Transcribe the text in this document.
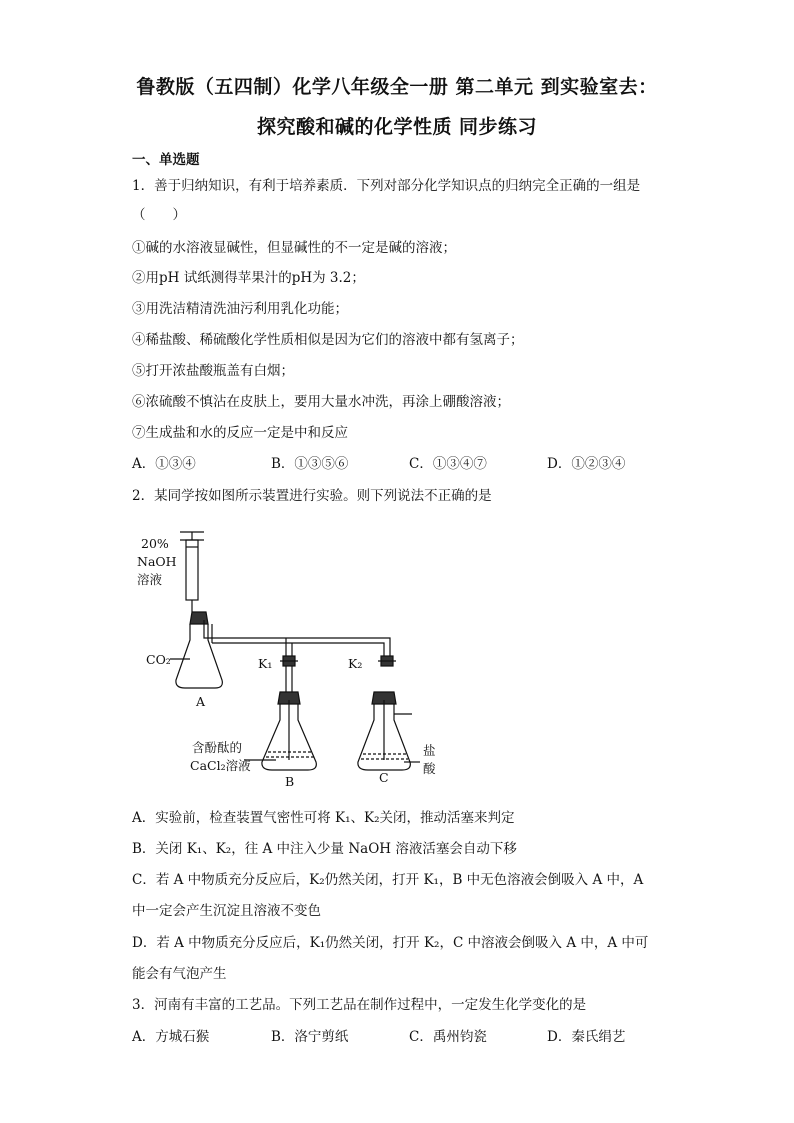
鲁教版（五四制）化学八年级全一册 第二单元 到实验室去：
探究酸和碱的化学性质 同步练习
一、单选题
1．善于归纳知识，有利于培养素质．下列对部分化学知识点的归纳完全正确的一组是
（　　）
①碱的水溶液显碱性，但显碱性的不一定是碱的溶液；
②用pH 试纸测得苹果汁的pH为 3.2；
③用洗洁精清洗油污利用乳化功能；
④稀盐酸、稀硫酸化学性质相似是因为它们的溶液中都有氢离子；
⑤打开浓盐酸瓶盖有白烟；
⑥浓硫酸不慎沾在皮肤上，要用大量水冲洗，再涂上硼酸溶液；
⑦生成盐和水的反应一定是中和反应
A．①③④	B．①③⑤⑥	C．①③④⑦	D．①②③④
2．某同学按如图所示装置进行实验。则下列说法不正确的是
20%
NaOH
溶液
CO₂	K₁	K₂
A
含酚酞的
CaCl₂溶液
B	C
盐
酸
A．实验前，检查装置气密性可将 K₁、K₂关闭，推动活塞来判定
B．关闭 K₁、K₂，往 A 中注入少量 NaOH 溶液活塞会自动下移
C．若 A 中物质充分反应后，K₂仍然关闭，打开 K₁，B 中无色溶液会倒吸入 A 中，A
中一定会产生沉淀且溶液不变色
D．若 A 中物质充分反应后，K₁仍然关闭，打开 K₂，C 中溶液会倒吸入 A 中，A 中可
能会有气泡产生
3．河南有丰富的工艺品。下列工艺品在制作过程中，一定发生化学变化的是
A．方城石猴	B．洛宁剪纸	C．禹州钧瓷	D．秦氏绢艺
